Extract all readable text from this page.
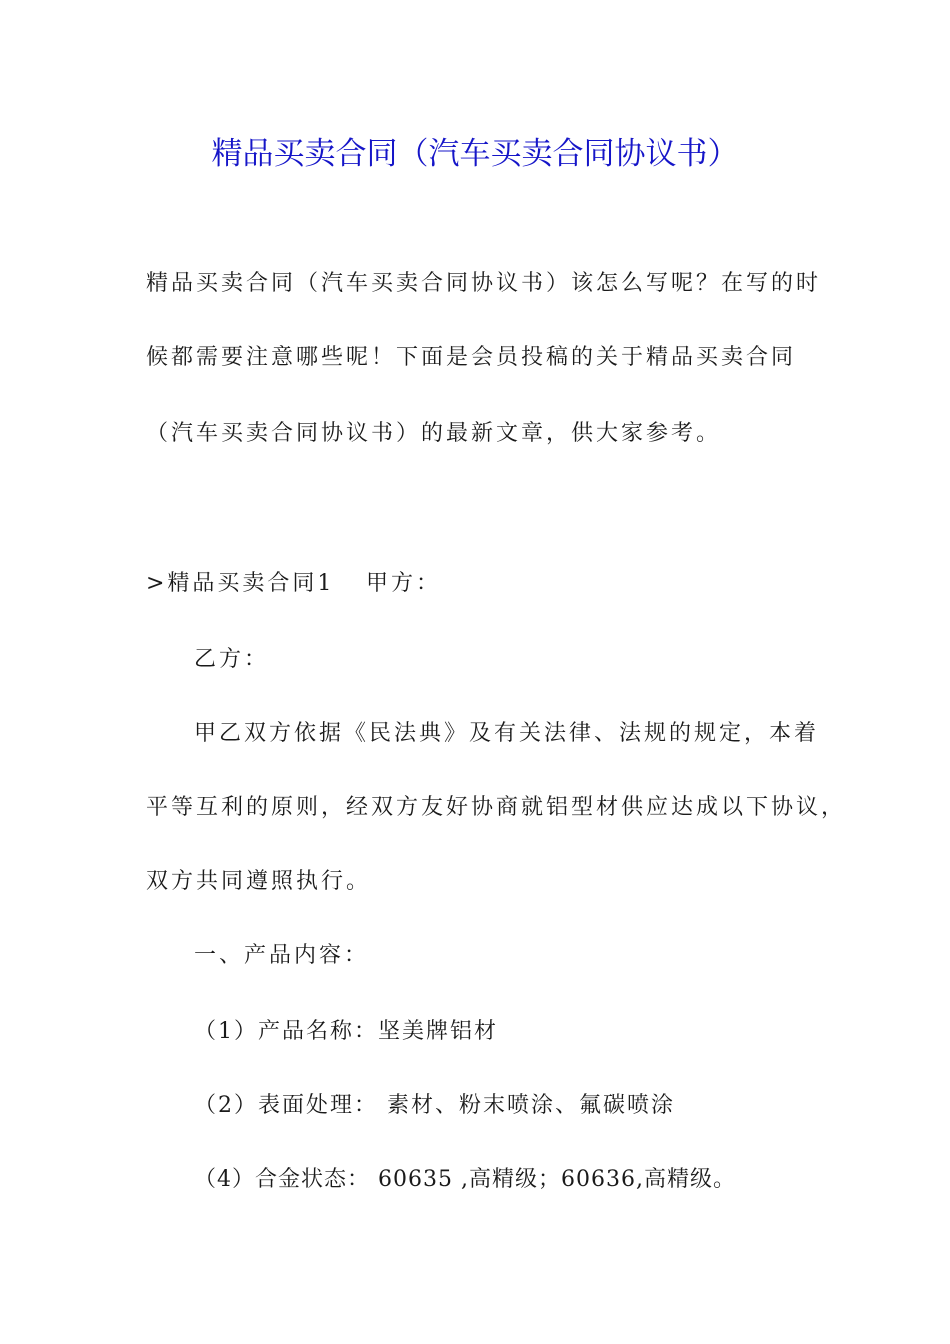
精品买卖合同（汽车买卖合同协议书）
精品买卖合同（汽车买卖合同协议书）该怎么写呢？在写的时
候都需要注意哪些呢！下面是会员投稿的关于精品买卖合同
（汽车买卖合同协议书）的最新文章，供大家参考。
>精品买卖合同1 甲方：
乙方：
甲乙双方依据《民法典》及有关法律、法规的规定，本着
平等互利的原则，经双方友好协商就铝型材供应达成以下协议，
双方共同遵照执行。
一、产品内容：
（1）产品名称：坚美牌铝材
（2）表面处理： 素材、粉末喷涂、氟碳喷涂
（4）合金状态： 60635 ,高精级；60636,高精级。
